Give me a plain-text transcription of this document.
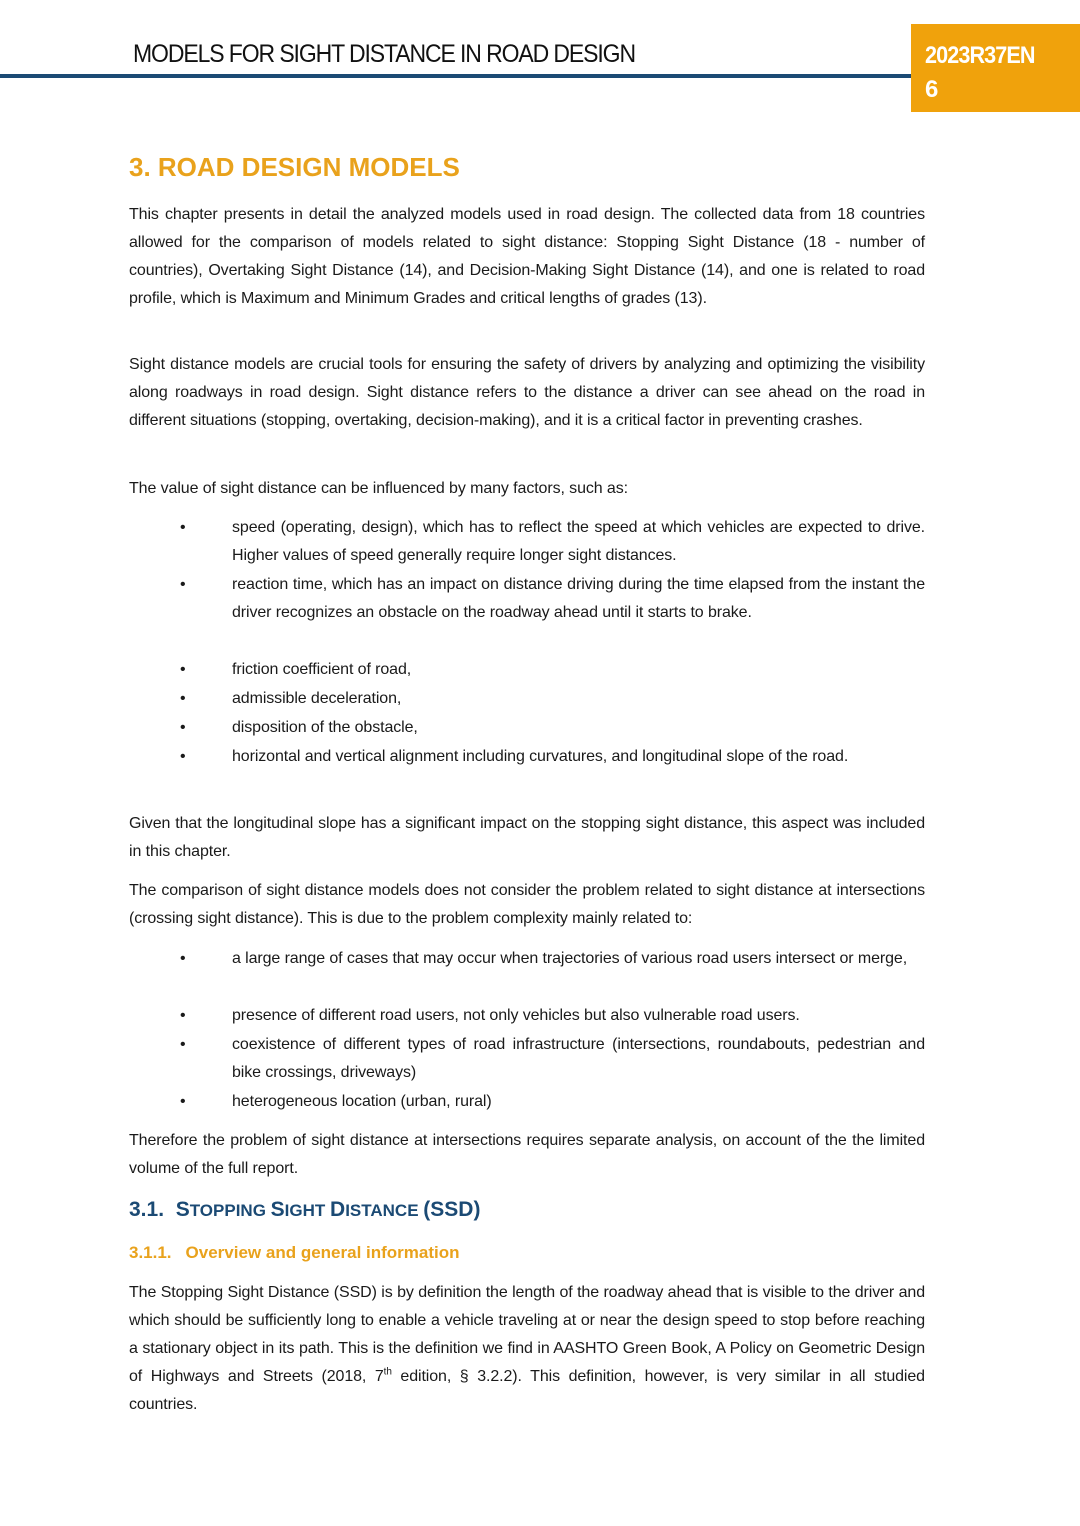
MODELS FOR SIGHT DISTANCE IN ROAD DESIGN	2023R37EN
6
3. ROAD DESIGN MODELS
This chapter presents in detail the analyzed models used in road design. The collected data from 18 countries allowed for the comparison of models related to sight distance: Stopping Sight Distance (18 - number of countries), Overtaking Sight Distance (14), and Decision-Making Sight Distance (14), and one is related to road profile, which is Maximum and Minimum Grades and critical lengths of grades (13).
Sight distance models are crucial tools for ensuring the safety of drivers by analyzing and optimizing the visibility along roadways in road design. Sight distance refers to the distance a driver can see ahead on the road in different situations (stopping, overtaking, decision-making), and it is a critical factor in preventing crashes.
The value of sight distance can be influenced by many factors, such as:
•	speed (operating, design), which has to reflect the speed at which vehicles are expected to drive. Higher values of speed generally require longer sight distances.
•	reaction time, which has an impact on distance driving during the time elapsed from the instant the driver recognizes an obstacle on the roadway ahead until it starts to brake.
•	friction coefficient of road,
•	admissible deceleration,
•	disposition of the obstacle,
•	horizontal and vertical alignment including curvatures, and longitudinal slope of the road.
Given that the longitudinal slope has a significant impact on the stopping sight distance, this aspect was included in this chapter.
The comparison of sight distance models does not consider the problem related to sight distance at intersections (crossing sight distance). This is due to the problem complexity mainly related to:
•	a large range of cases that may occur when trajectories of various road users intersect or merge,
•	presence of different road users, not only vehicles but also vulnerable road users.
•	coexistence of different types of road infrastructure (intersections, roundabouts, pedestrian and bike crossings, driveways)
•	heterogeneous location (urban, rural)
Therefore the problem of sight distance at intersections requires separate analysis, on account of the the limited volume of the full report.
3.1. STOPPING SIGHT DISTANCE (SSD)
3.1.1. Overview and general information
The Stopping Sight Distance (SSD) is by definition the length of the roadway ahead that is visible to the driver and which should be sufficiently long to enable a vehicle traveling at or near the design speed to stop before reaching a stationary object in its path. This is the definition we find in AASHTO Green Book, A Policy on Geometric Design of Highways and Streets (2018, 7th edition, § 3.2.2). This definition, however, is very similar in all studied countries.
